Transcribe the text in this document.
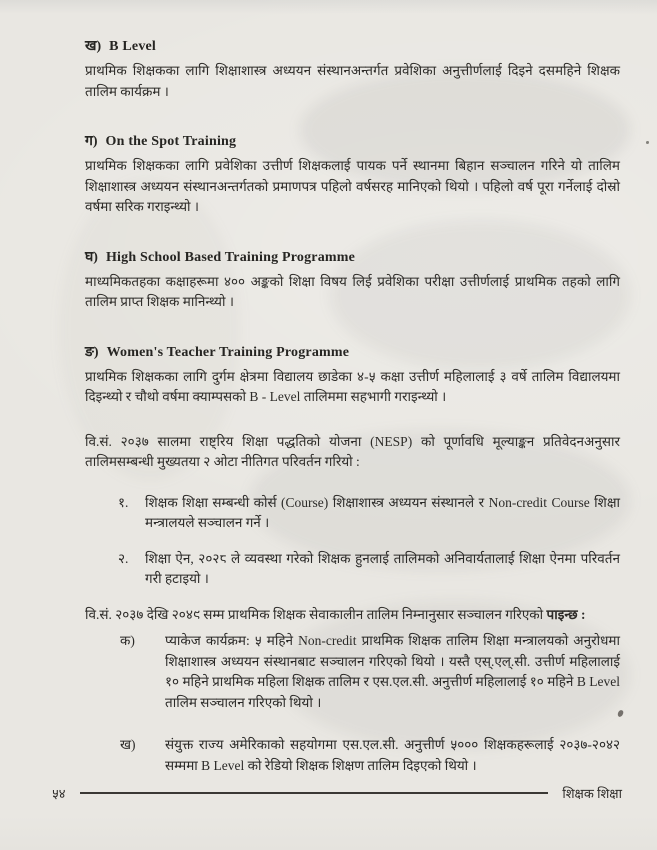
ख) B Level

प्राथमिक शिक्षकका लागि शिक्षाशास्त्र अध्ययन संस्थानअन्तर्गत प्रवेशिका अनुत्तीर्णलाई दिइने दसमहिने शिक्षक तालिम कार्यक्रम ।

ग) On the Spot Training

प्राथमिक शिक्षकका लागि प्रवेशिका उत्तीर्ण शिक्षकलाई पायक पर्ने स्थानमा बिहान सञ्चालन गरिने यो तालिम शिक्षाशास्त्र अध्ययन संस्थानअन्तर्गतको प्रमाणपत्र पहिलो वर्षसरह मानिएको थियो । पहिलो वर्ष पूरा गर्नेलाई दोस्रो वर्षमा सरिक गराइन्थ्यो ।

घ) High School Based Training Programme

माध्यमिकतहका कक्षाहरूमा ४०० अङ्कको शिक्षा विषय लिई प्रवेशिका परीक्षा उत्तीर्णलाई प्राथमिक तहको लागि तालिम प्राप्त शिक्षक मानिन्थ्यो ।

ङ) Women's Teacher Training Programme

प्राथमिक शिक्षकका लागि दुर्गम क्षेत्रमा विद्यालय छाडेका ४-५ कक्षा उत्तीर्ण महिलालाई ३ वर्षे तालिम विद्यालयमा दिइन्थ्यो र चौथो वर्षमा क्याम्पसको B - Level तालिममा सहभागी गराइन्थ्यो ।

वि.सं. २०३७ सालमा राष्ट्रिय शिक्षा पद्धतिको योजना (NESP) को पूर्णावधि मूल्याङ्कन प्रतिवेदनअनुसार तालिमसम्बन्धी मुख्यतया २ ओटा नीतिगत परिवर्तन गरियो :

१.	शिक्षक शिक्षा सम्बन्धी कोर्स (Course) शिक्षाशास्त्र अध्ययन संस्थानले र Non-credit Course शिक्षा मन्त्रालयले सञ्चालन गर्ने ।
२.	शिक्षा ऐन, २०२८ ले व्यवस्था गरेको शिक्षक हुनलाई तालिमको अनिवार्यतालाई शिक्षा ऐनमा परिवर्तन गरी हटाइयो ।

वि.सं. २०३७ देखि २०४९ सम्म प्राथमिक शिक्षक सेवाकालीन तालिम निम्नानुसार सञ्चालन गरिएको पाइन्छ :

क)	प्याकेज कार्यक्रम: ५ महिने Non-credit प्राथमिक शिक्षक तालिम शिक्षा मन्त्रालयको अनुरोधमा शिक्षाशास्त्र अध्ययन संस्थानबाट सञ्चालन गरिएको थियो । यस्तै एस्.एल्.सी. उत्तीर्ण महिलालाई १० महिने प्राथमिक महिला शिक्षक तालिम र एस.एल.सी. अनुत्तीर्ण महिलालाई १० महिने B Level तालिम सञ्चालन गरिएको थियो ।
ख)	संयुक्त राज्य अमेरिकाको सहयोगमा एस.एल.सी. अनुत्तीर्ण ५००० शिक्षकहरूलाई २०३७-२०४२ सम्ममा B Level को रेडियो शिक्षक शिक्षण तालिम दिइएको थियो ।
५४	शिक्षक शिक्षा
